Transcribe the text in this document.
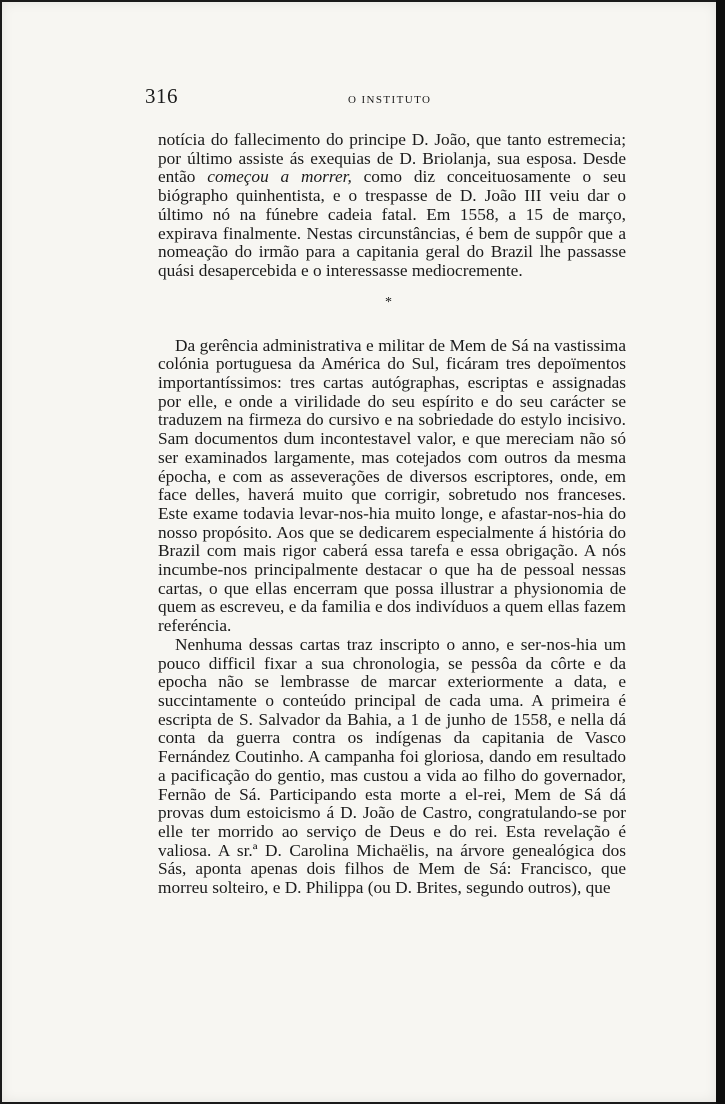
316	O INSTITUTO

notícia do fallecimento do principe D. João, que tanto estremecia; por último assiste ás exequias de D. Briolanja, sua esposa. Desde então começou a morrer, como diz conceituosamente o seu biógrapho quinhentista, e o trespasse de D. João III veiu dar o último nó na fúnebre cadeia fatal. Em 1558, a 15 de março, expirava finalmente. Nestas circunstâncias, é bem de suppôr que a nomeação do irmão para a capitania geral do Brazil lhe passasse quási desapercebida e o interessasse mediocremente.

*

Da gerência administrativa e militar de Mem de Sá na vastissima colónia portuguesa da América do Sul, ficáram tres depoïmentos importantíssimos: tres cartas autógraphas, escriptas e assignadas por elle, e onde a virilidade do seu espírito e do seu carácter se traduzem na firmeza do cursivo e na sobriedade do estylo incisivo. Sam documentos dum incontestavel valor, e que mereciam não só ser examinados largamente, mas cotejados com outros da mesma épocha, e com as asseverações de diversos escriptores, onde, em face delles, haverá muito que corrigir, sobretudo nos franceses. Este exame todavia levar-nos-hia muito longe, e afastar-nos-hia do nosso propósito. Aos que se dedicarem especialmente á história do Brazil com mais rigor caberá essa tarefa e essa obrigação. A nós incumbe-nos principalmente destacar o que ha de pessoal nessas cartas, o que ellas encerram que possa illustrar a physionomia de quem as escreveu, e da familia e dos indivíduos a quem ellas fazem referéncia.

Nenhuma dessas cartas traz inscripto o anno, e ser-nos-hia um pouco difficil fixar a sua chronologia, se pessôa da côrte e da epocha não se lembrasse de marcar exteriormente a data, e succintamente o conteúdo principal de cada uma. A primeira é escripta de S. Salvador da Bahia, a 1 de junho de 1558, e nella dá conta da guerra contra os indígenas da capitania de Vasco Fernández Coutinho. A campanha foi gloriosa, dando em resultado a pacificação do gentio, mas custou a vida ao filho do governador, Fernão de Sá. Participando esta morte a el-rei, Mem de Sá dá provas dum estoicismo á D. João de Castro, congratulando-se por elle ter morrido ao serviço de Deus e do rei. Esta revelação é valiosa. A sr.ª D. Carolina Michaëlis, na árvore genealógica dos Sás, aponta apenas dois filhos de Mem de Sá: Francisco, que morreu solteiro, e D. Philippa (ou D. Brites, segundo outros), que
